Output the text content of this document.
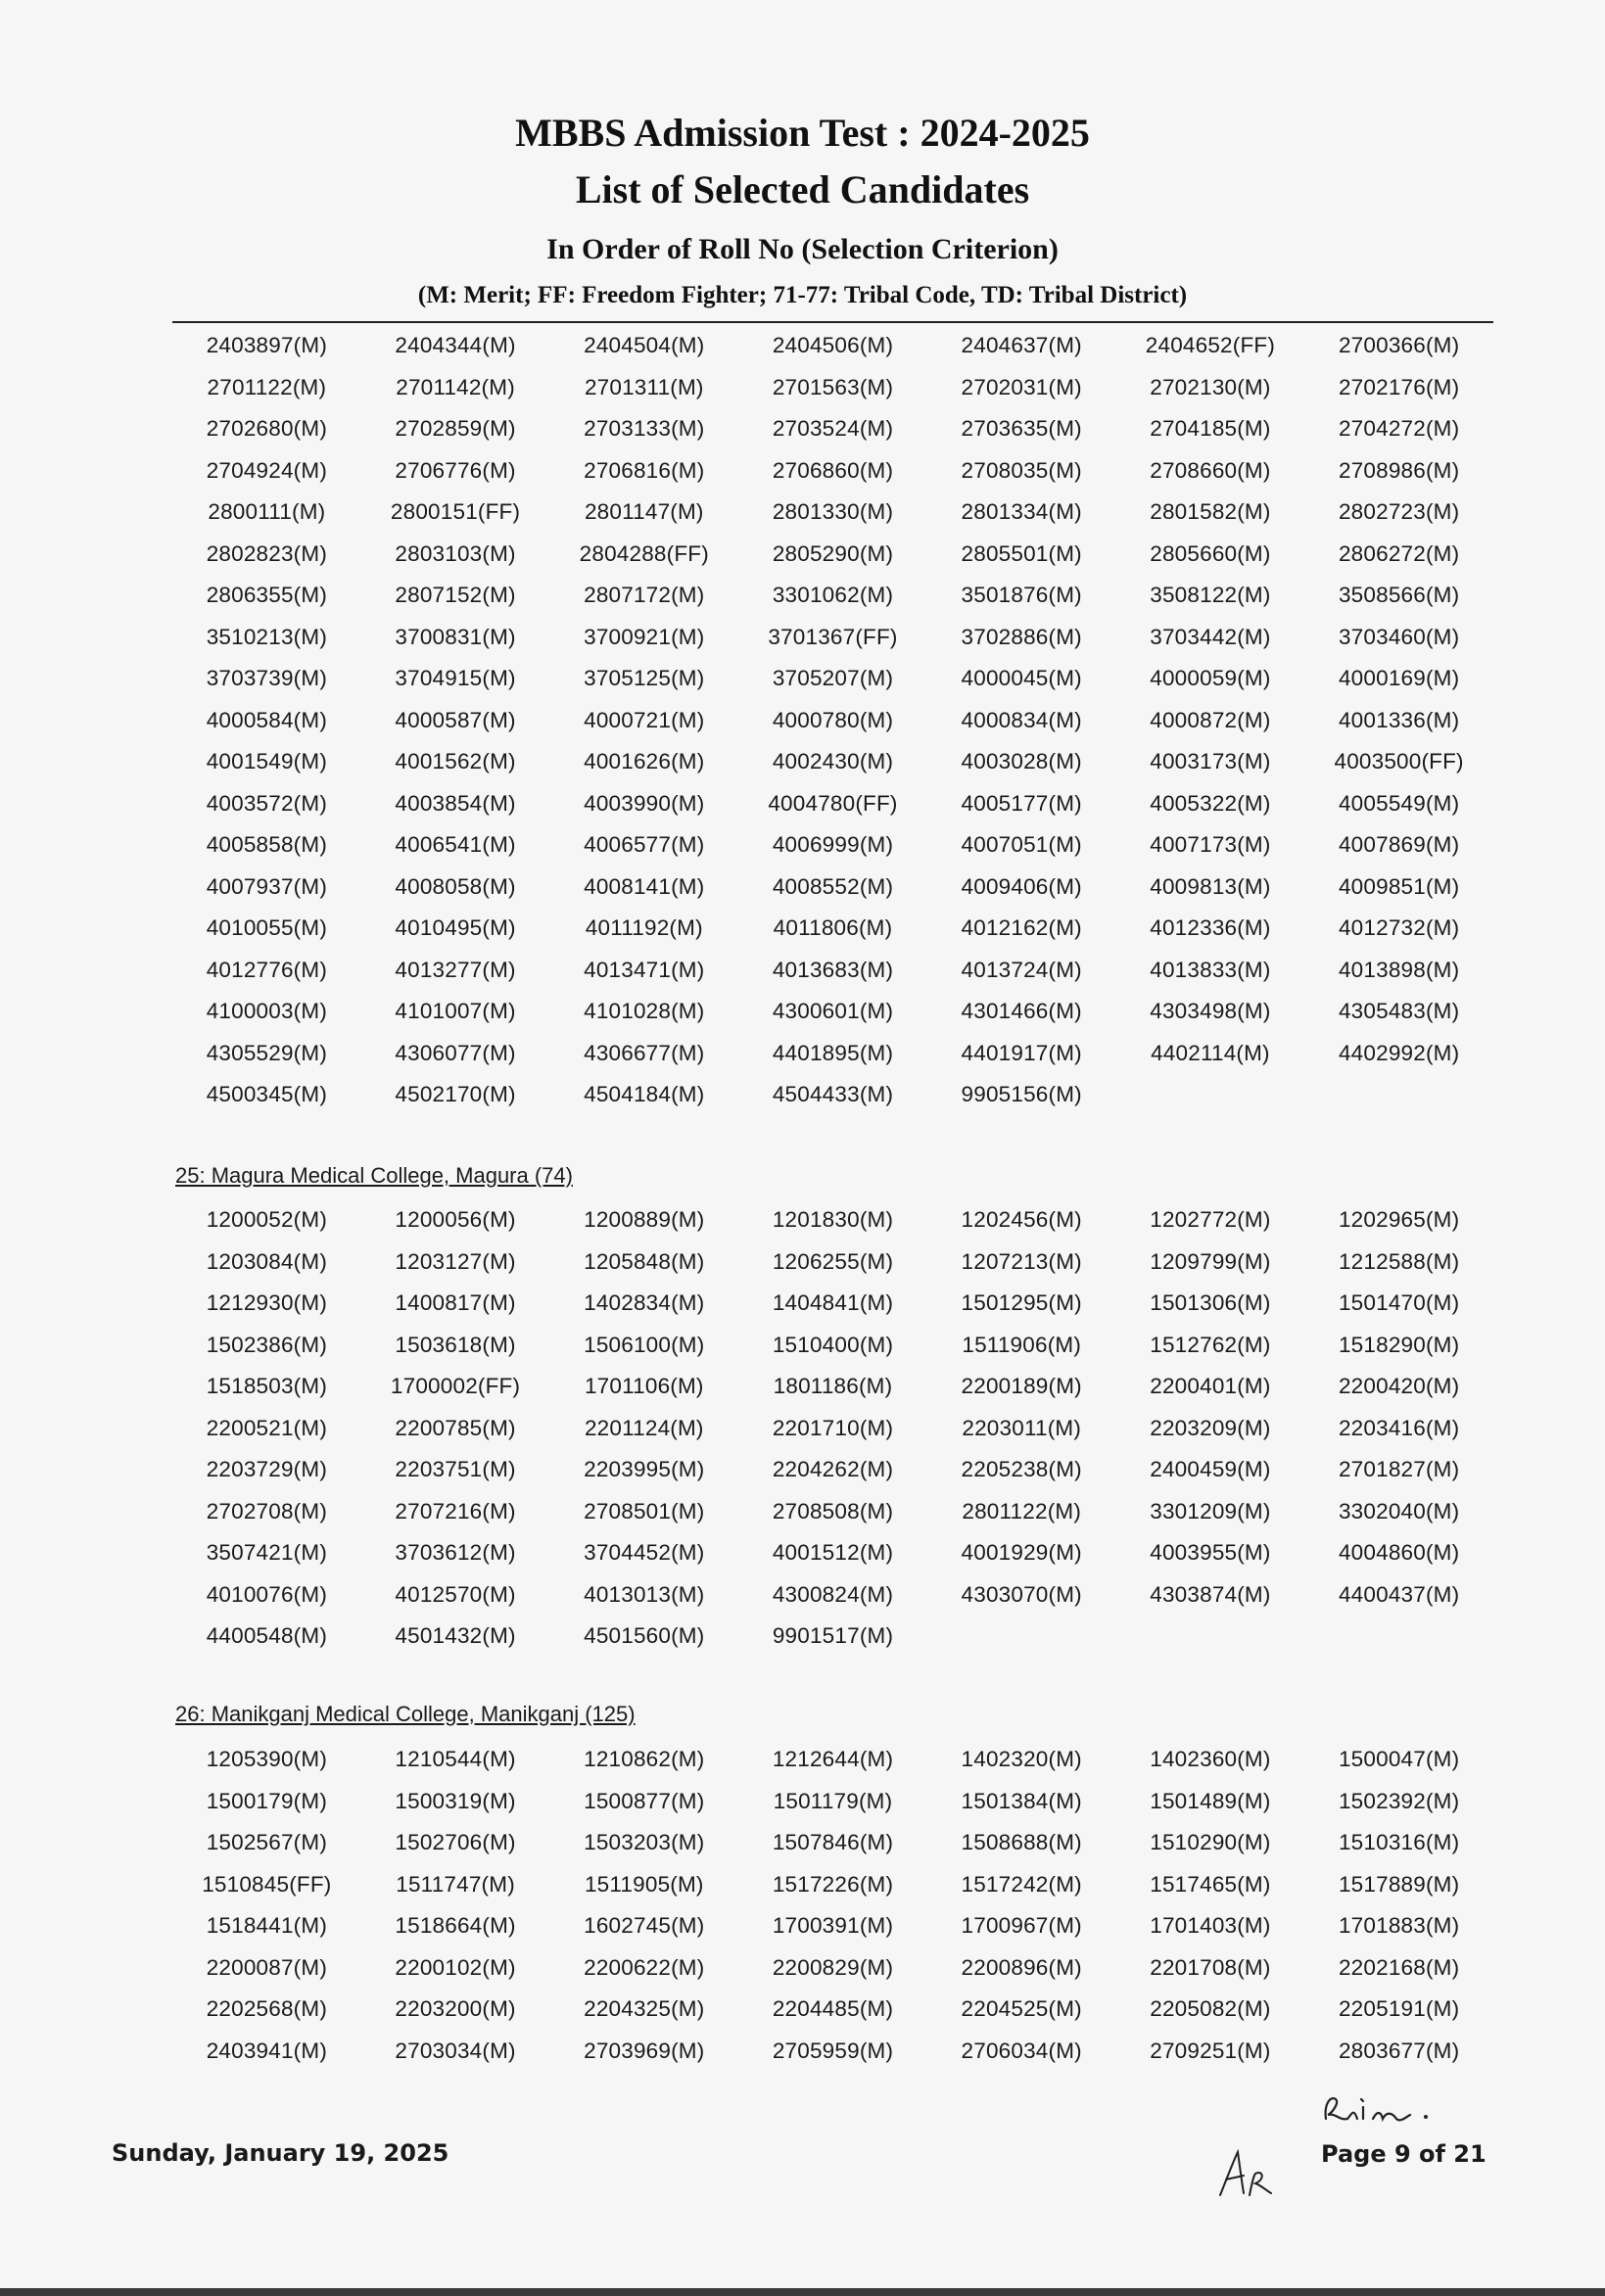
MBBS Admission Test : 2024-2025
List of Selected Candidates
In Order of Roll No (Selection Criterion)
(M: Merit; FF: Freedom Fighter; 71-77: Tribal Code, TD: Tribal District)
2403897(M)	2404344(M)	2404504(M)	2404506(M)	2404637(M)	2404652(FF)	2700366(M)
2701122(M)	2701142(M)	2701311(M)	2701563(M)	2702031(M)	2702130(M)	2702176(M)
2702680(M)	2702859(M)	2703133(M)	2703524(M)	2703635(M)	2704185(M)	2704272(M)
2704924(M)	2706776(M)	2706816(M)	2706860(M)	2708035(M)	2708660(M)	2708986(M)
2800111(M)	2800151(FF)	2801147(M)	2801330(M)	2801334(M)	2801582(M)	2802723(M)
2802823(M)	2803103(M)	2804288(FF)	2805290(M)	2805501(M)	2805660(M)	2806272(M)
2806355(M)	2807152(M)	2807172(M)	3301062(M)	3501876(M)	3508122(M)	3508566(M)
3510213(M)	3700831(M)	3700921(M)	3701367(FF)	3702886(M)	3703442(M)	3703460(M)
3703739(M)	3704915(M)	3705125(M)	3705207(M)	4000045(M)	4000059(M)	4000169(M)
4000584(M)	4000587(M)	4000721(M)	4000780(M)	4000834(M)	4000872(M)	4001336(M)
4001549(M)	4001562(M)	4001626(M)	4002430(M)	4003028(M)	4003173(M)	4003500(FF)
4003572(M)	4003854(M)	4003990(M)	4004780(FF)	4005177(M)	4005322(M)	4005549(M)
4005858(M)	4006541(M)	4006577(M)	4006999(M)	4007051(M)	4007173(M)	4007869(M)
4007937(M)	4008058(M)	4008141(M)	4008552(M)	4009406(M)	4009813(M)	4009851(M)
4010055(M)	4010495(M)	4011192(M)	4011806(M)	4012162(M)	4012336(M)	4012732(M)
4012776(M)	4013277(M)	4013471(M)	4013683(M)	4013724(M)	4013833(M)	4013898(M)
4100003(M)	4101007(M)	4101028(M)	4300601(M)	4301466(M)	4303498(M)	4305483(M)
4305529(M)	4306077(M)	4306677(M)	4401895(M)	4401917(M)	4402114(M)	4402992(M)
4500345(M)	4502170(M)	4504184(M)	4504433(M)	9905156(M)
25: Magura Medical College, Magura (74)
1200052(M)	1200056(M)	1200889(M)	1201830(M)	1202456(M)	1202772(M)	1202965(M)
1203084(M)	1203127(M)	1205848(M)	1206255(M)	1207213(M)	1209799(M)	1212588(M)
1212930(M)	1400817(M)	1402834(M)	1404841(M)	1501295(M)	1501306(M)	1501470(M)
1502386(M)	1503618(M)	1506100(M)	1510400(M)	1511906(M)	1512762(M)	1518290(M)
1518503(M)	1700002(FF)	1701106(M)	1801186(M)	2200189(M)	2200401(M)	2200420(M)
2200521(M)	2200785(M)	2201124(M)	2201710(M)	2203011(M)	2203209(M)	2203416(M)
2203729(M)	2203751(M)	2203995(M)	2204262(M)	2205238(M)	2400459(M)	2701827(M)
2702708(M)	2707216(M)	2708501(M)	2708508(M)	2801122(M)	3301209(M)	3302040(M)
3507421(M)	3703612(M)	3704452(M)	4001512(M)	4001929(M)	4003955(M)	4004860(M)
4010076(M)	4012570(M)	4013013(M)	4300824(M)	4303070(M)	4303874(M)	4400437(M)
4400548(M)	4501432(M)	4501560(M)	9901517(M)
26: Manikganj Medical College, Manikganj (125)
1205390(M)	1210544(M)	1210862(M)	1212644(M)	1402320(M)	1402360(M)	1500047(M)
1500179(M)	1500319(M)	1500877(M)	1501179(M)	1501384(M)	1501489(M)	1502392(M)
1502567(M)	1502706(M)	1503203(M)	1507846(M)	1508688(M)	1510290(M)	1510316(M)
1510845(FF)	1511747(M)	1511905(M)	1517226(M)	1517242(M)	1517465(M)	1517889(M)
1518441(M)	1518664(M)	1602745(M)	1700391(M)	1700967(M)	1701403(M)	1701883(M)
2200087(M)	2200102(M)	2200622(M)	2200829(M)	2200896(M)	2201708(M)	2202168(M)
2202568(M)	2203200(M)	2204325(M)	2204485(M)	2204525(M)	2205082(M)	2205191(M)
2403941(M)	2703034(M)	2703969(M)	2705959(M)	2706034(M)	2709251(M)	2803677(M)
Sunday, January 19, 2025	Page 9 of 21
